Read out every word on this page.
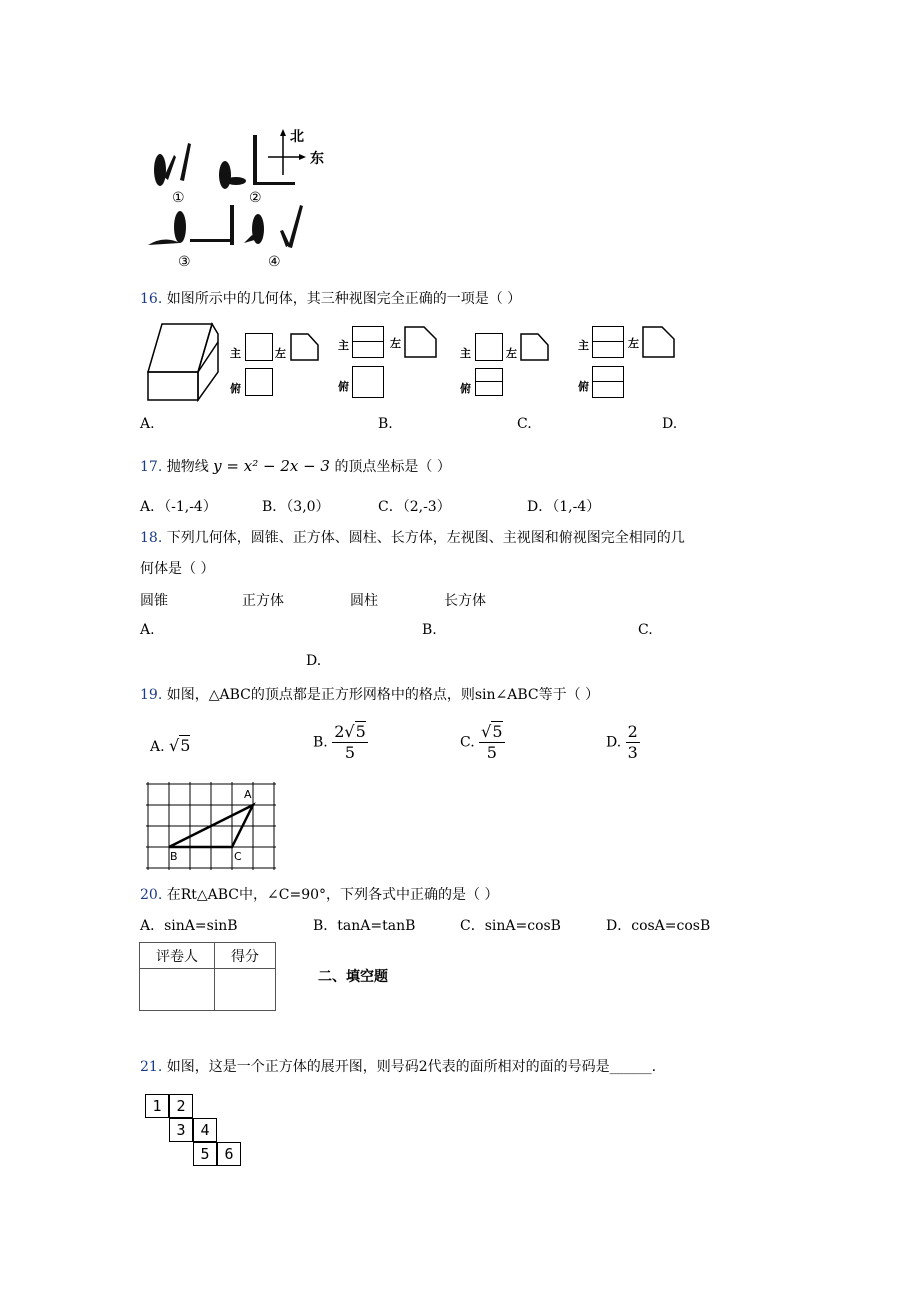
北
东
①	②
③	④
16. 如图所示中的几何体，其三种视图完全正确的一项是（ ）
主	左
俯
主	左
俯
主	左
俯
主	左
俯
A.	B.	C.	D.
17. 抛物线 y = x² − 2x − 3 的顶点坐标是（ ）
A．（-1,-4）	B．（3,0）	C．（2,-3）	D．（1,-4）
18. 下列几何体，圆锥、正方体、圆柱、长方体，左视图、主视图和俯视图完全相同的几
何体是（ ）
圆锥	正方体	圆柱	长方体
A.	B.	C.
D.
19. 如图，△ABC的顶点都是正方形网格中的格点，则sin∠ABC等于（ ）
A. √5	B. $\frac{2√5}{5}$	C. $\frac{√5}{5}$	D. $\frac{2}{3}$
A
B	C
20. 在Rt△ABC中，∠C=90°，下列各式中正确的是（ ）
A．sinA=sinB	B．tanA=tanB	C．sinA=cosB	D．cosA=cosB
评卷人	得分

二、填空题
21. 如图，这是一个正方体的展开图，则号码2代表的面所相对的面的号码是______.
1 2
3 4
5 6
